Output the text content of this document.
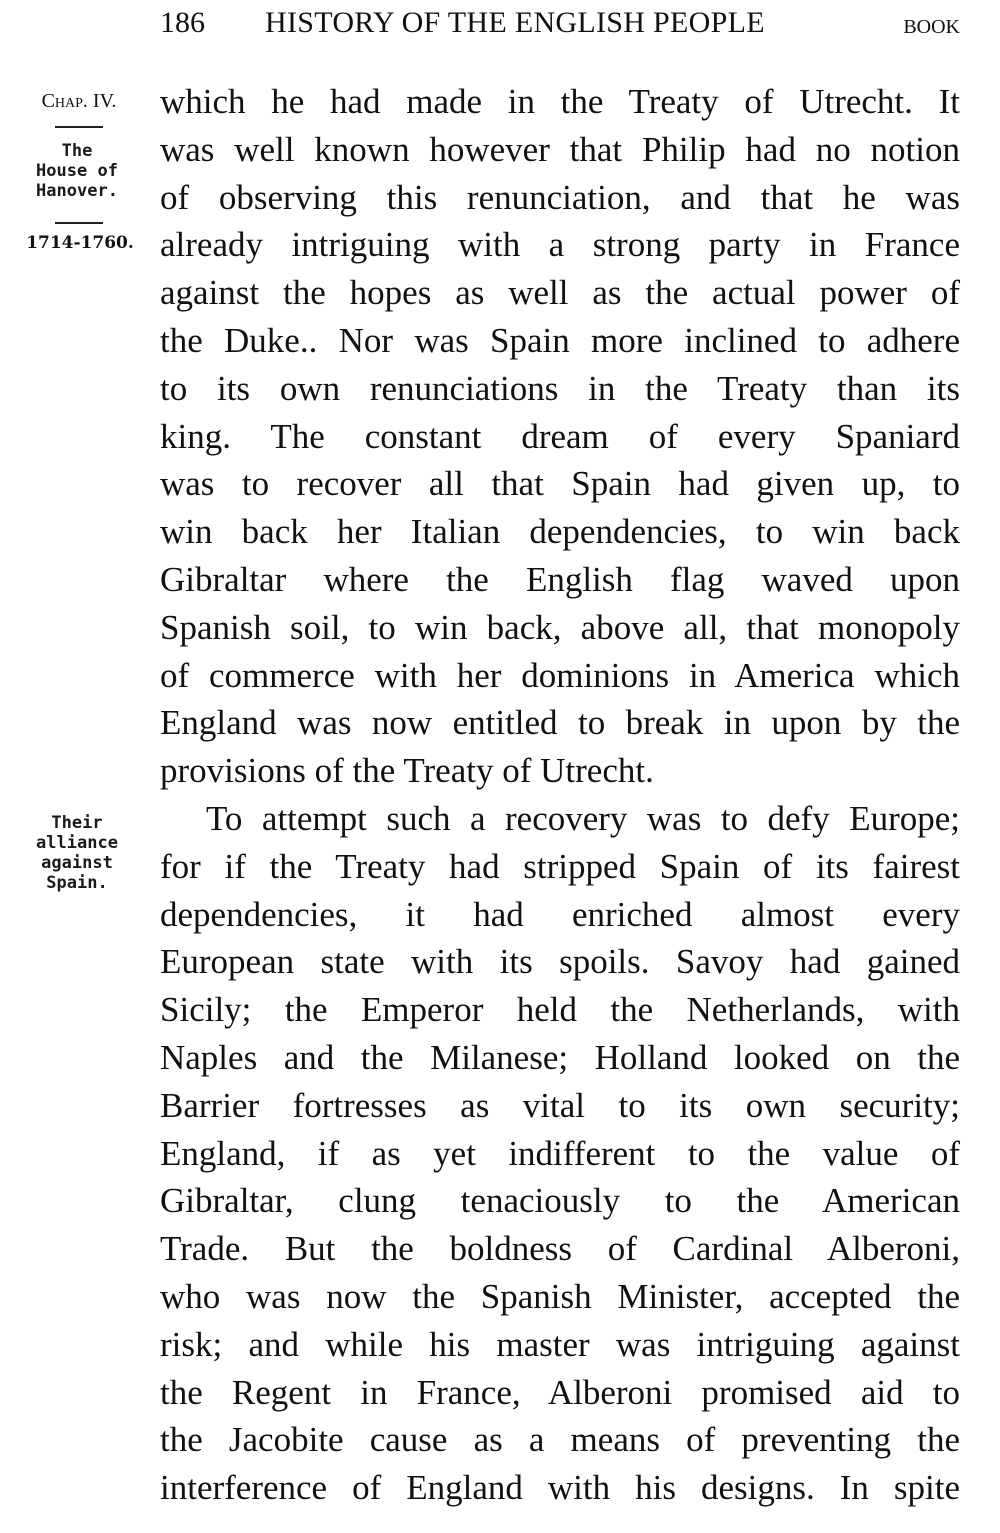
186 HISTORY OF THE ENGLISH PEOPLE	BOOK
Chap. IV.
The
House of
Hanover.
1714-1760.
Their
alliance
against
Spain.
which he had made in the Treaty of Utrecht. It
was well known however that Philip had no notion
of observing this renunciation, and that he was
already intriguing with a strong party in France
against the hopes as well as the actual power of
the Duke.. Nor was Spain more inclined to adhere
to its own renunciations in the Treaty than its
king. The constant dream of every Spaniard
was to recover all that Spain had given up, to
win back her Italian dependencies, to win back
Gibraltar where the English flag waved upon
Spanish soil, to win back, above all, that monopoly
of commerce with her dominions in America which
England was now entitled to break in upon by the
provisions of the Treaty of Utrecht.
To attempt such a recovery was to defy Europe;
for if the Treaty had stripped Spain of its fairest
dependencies, it had enriched almost every
European state with its spoils. Savoy had gained
Sicily; the Emperor held the Netherlands, with
Naples and the Milanese; Holland looked on the
Barrier fortresses as vital to its own security;
England, if as yet indifferent to the value of
Gibraltar, clung tenaciously to the American
Trade. But the boldness of Cardinal Alberoni,
who was now the Spanish Minister, accepted the
risk; and while his master was intriguing against
the Regent in France, Alberoni promised aid to
the Jacobite cause as a means of preventing the
interference of England with his designs. In spite
